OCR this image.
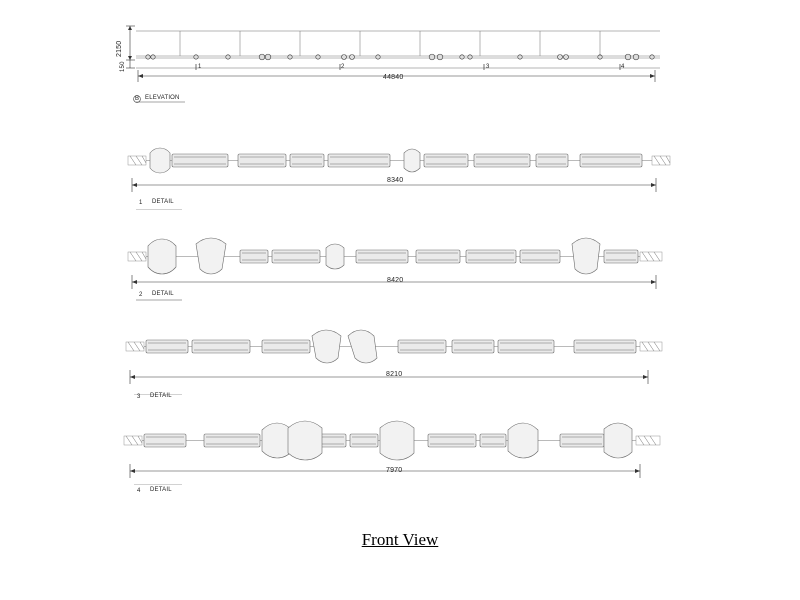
2150
150
44840
B ELEVATION
1	2	3	4
8340
1 DETAIL
8420
2 DETAIL
8210
3 DETAIL
7970
4 DETAIL
Front View
